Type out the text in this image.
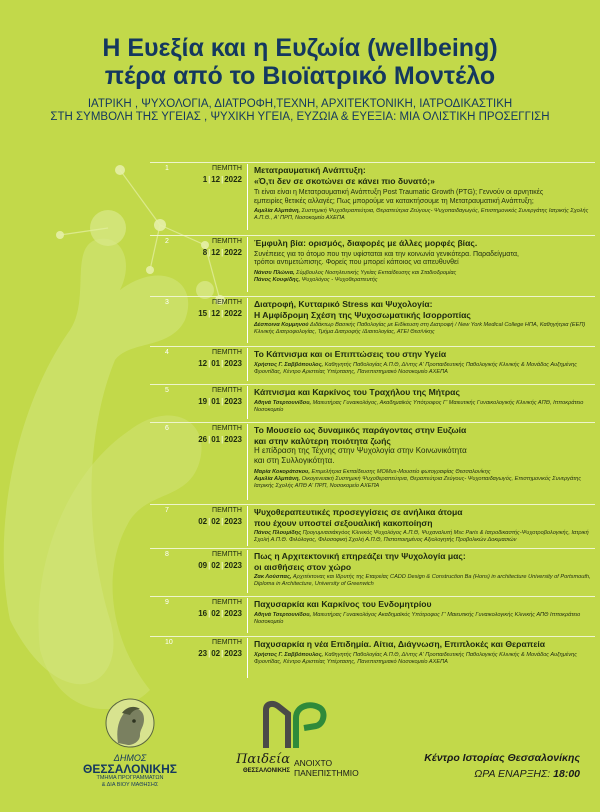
Η Ευεξία και η Ευζωία (wellbeing)
πέρα από το Βιοϊατρικό Μοντέλο
ΙΑΤΡΙΚΗ , ΨΥΧΟΛΟΓΙΑ, ΔΙΑΤΡΟΦΗ,ΤΕΧΝΗ, ΑΡΧΙΤΕΚΤΟΝΙΚΗ, ΙΑΤΡΟΔΙΚΑΣΤΙΚΗ
ΣΤΗ ΣΥΜΒΟΛΗ ΤΗΣ ΥΓΕΙΑΣ , ΨΥΧΙΚΗ ΥΓΕΙΑ, ΕΥΖΩΙΑ & ΕΥΕΞΙΑ: ΜΙΑ ΟΛΙΣΤΙΚΗ ΠΡΟΣΕΓΓΙΣΗ
1	ΠΕΜΠΤΗ
1|12|2022
Μετατραυματική Ανάπτυξη:
«Ό,τι δεν σε σκοτώνει σε κάνει πιο δυνατό;»
Τι είναι είναι η Μετατραυματική Ανάπτυξη Post Traumatic Growth (PTG); Γεννούν οι αρνητικές
εμπειρίες θετικές αλλαγές; Πως μπορούμε να κατακτήσουμε τη Μετατραυματική Ανάπτυξη;
Αιμιλία Αλμπάνη, Συστημική Ψυχοθεραπεύτρια, Θεραπεύτρια Ζεύγους- Ψυχοπαιδαγωγός, Επιστημονικός Συνεργάτης Ιατρικής Σχολής Α.Π.Θ., Α' ΠΡΠ, Νοσοκομείο ΑΧΕΠΑ
2	ΠΕΜΠΤΗ
8|12|2022
Έμφυλη βία: ορισμός, διαφορές με άλλες μορφές βίας.
Συνέπειες για το άτομο που την υφίσταται και την κοινωνία γενικότερα. Παραδείγματα,
τρόποι αντιμετώπισης. Φορείς που μπορεί κάποιος να απευθυνθεί
Νάνσυ Πλώνια, Σύμβουλος Νοσηλευτικής Υγείας Εκπαίδευσης και Σταδιοδρομίας
Πάνος Κουφίδης, Ψυχολόγος - Ψυχοθεραπευτής
3	ΠΕΜΠΤΗ
15|12|2022
Διατροφή, Κυτταρικό Stress και Ψυχολογία:
Η Αμφίδρομη Σχέση της Ψυχοσωματικής Ισορροπίας
Δέσποινα Κομμηνού Διδάκτωρ Βασικής Παθολογίας με Ειδίκευση στη Διατροφή / New York Medical College ΗΠΑ, Καθηγήτρια (ΕΕΠ) Κλινικής Διατροφολογίας, Τμήμα Διατροφής /Διαιτολογίας, ΑΤΕΙ Θεσ/νίκης
4	ΠΕΜΠΤΗ
12|01|2023
Το Κάπνισμα και οι Επιπτώσεις του στην Υγεία
Χρήστος Γ. Σαββόπουλος, Καθηγητής Παθολογίας Α.Π.Θ, Δ/ντης Α' Προπαιδευτικής Παθολογικής Κλινικής & Μονάδος Αυξημένης Φροντίδας, Κέντρο Αριστείας Υπέρτασης, Πανεπιστημιακό Νοσοκομείο ΑΧΕΠΑ
5	ΠΕΜΠΤΗ
19|01|2023
Κάπνισμα και Καρκίνος του Τραχήλου της Μήτρας
Αθηνά Τσερτουνίδου, Μαιευτήρας Γυναικολόγος, Ακαδημαϊκός Υπότροφος Γ' Μαιευτικής Γυναικολογικής Κλινικής ΑΠΘ, Ιπποκράτειο Νοσοκομείο
6	ΠΕΜΠΤΗ
26|01|2023
Το Μουσείο ως δυναμικός παράγοντας στην Ευζωία
και στην καλύτερη ποιότητα ζωής
Η επίδραση της Τέχνης στην Ψυχολογία στην Κοινωνικότητα
και στη Συλλογικότητα.
Μαρία Κοκοράτσκου, Επιμελήτρια Εκπαίδευσης MOMus-Μουσείο φωτογραφίας Θεσσαλονίκης
Αιμιλία Αλμπάνη, Οικογενειακή Συστημική Ψυχοθεραπεύτρια, Θεραπεύτρια Ζεύγους- Ψυχοπαιδαγωγός, Επιστημονικός Συνεργάτης Ιατρικής Σχολής ΑΠΘ Α' ΠΡΠ, Νοσοκομείο ΑΧΕΠΑ
7	ΠΕΜΠΤΗ
02|02|2023
Ψυχοθεραπευτικές προσεγγίσεις σε ανήλικα άτομα
που έχουν υποστεί σεξουαλική κακοποίηση
Πάνος Πλουμίδης Προγυμνασιάκγόος Κλινικός Ψυχολόγος Α.Π.Θ, Ψυχαναλυτή Msc Paris & Ιατροδικαστής-Ψυχοτροβολογικής, Ιατρική Σχολή Α.Π.Θ. Φιλόλογος, Φιλοσοφική Σχολή Α.Π.Θ, Πιστοποιημένος Αξιολογητής Προβολικών Δοκιμασιών
8	ΠΕΜΠΤΗ
09|02|2023
Πως η Αρχιτεκτονική επηρεάζει την Ψυχολογία μας:
οι αισθήσεις στον χώρο
Ζακ Λούσπας, Αρχιτέκτονας και Ιδρυτής της Εταιρείας CADD Design & Construction Ba (Hons) in architecture University of Portsmouth, Diploma in Architecture, University of Greenwich
9	ΠΕΜΠΤΗ
16|02|2023
Παχυσαρκία και Καρκίνος του Ενδομητρίου
Αθηνά Τσερτουνίδου, Μαιευτήρας Γυναικολόγος Ακαδημαϊκός Υπότροφος Γ' Μαιευτικής Γυναικολογικής Κλινικής ΑΠΘ Ιπποκράτειο Νοσοκομείο
10	ΠΕΜΠΤΗ
23|02|2023
Παχυσαρκία η νέα Επιδημία. Αίτια, Διάγνωση, Επιπλοκές και Θεραπεία
Χρήστος Γ. Σαββόπουλος, Καθηγητής Παθολογίας Α.Π.Θ, Δ/ντης Α' Προπαιδευτικής Παθολογικής Κλινικής & Μονάδος Αυξημένης Φροντίδας, Κέντρο Αριστείας Υπέρτασης, Πανεπιστημιακό Νοσοκομείο ΑΧΕΠΑ
ΔΗΜΟΣ
ΘΕΣΣΑΛΟΝΙΚΗΣ
ΤΜΗΜΑ ΠΡΟΓΡΑΜΜΑΤΩΝ
& ΔΙΑ ΒΙΟΥ ΜΑΘΗΣΗΣ
Παιδεία
ΘΕΣΣΑΛΟΝΙΚΗΣ
ΑΝΟΙΧΤΟ
ΠΑΝΕΠΙΣΤΗΜΙΟ
Κέντρο Ιστορίας Θεσσαλονίκης
ΩΡΑ ΕΝΑΡΞΗΣ: 18:00
